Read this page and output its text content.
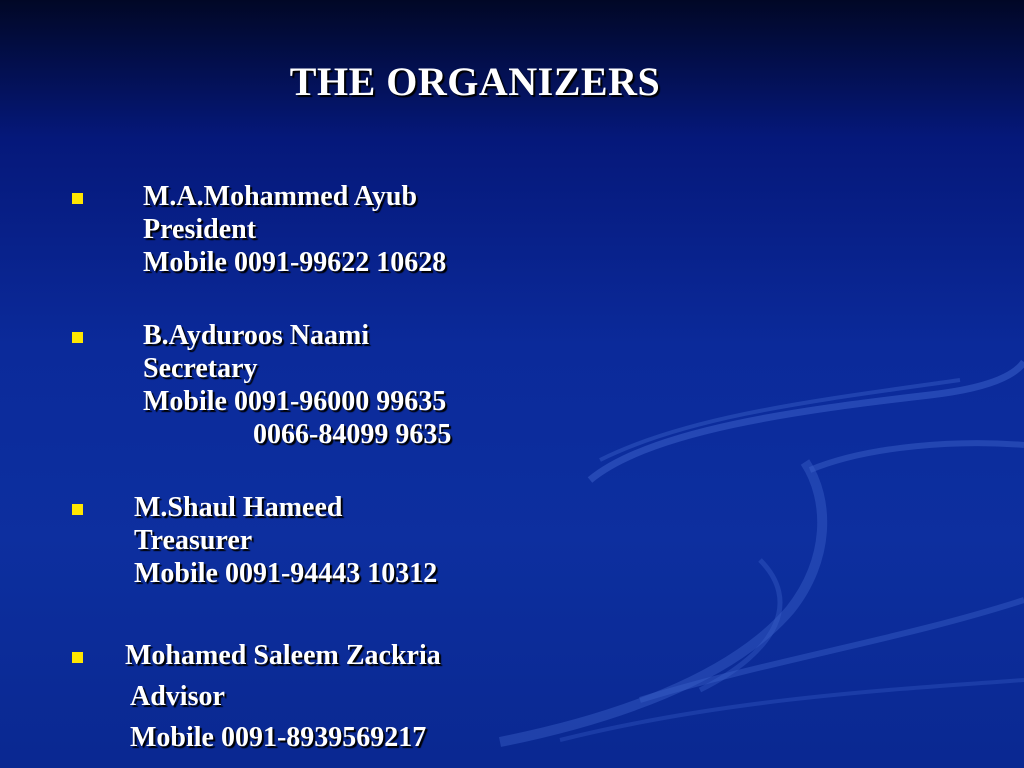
THE ORGANIZERS
M.A.Mohammed Ayub
President
Mobile 0091-99622 10628
B.Ayduroos Naami
Secretary
Mobile 0091-96000 99635
0066-84099 9635
M.Shaul Hameed
Treasurer
Mobile 0091-94443 10312
Mohamed Saleem Zackria
Advisor
Mobile 0091-8939569217
